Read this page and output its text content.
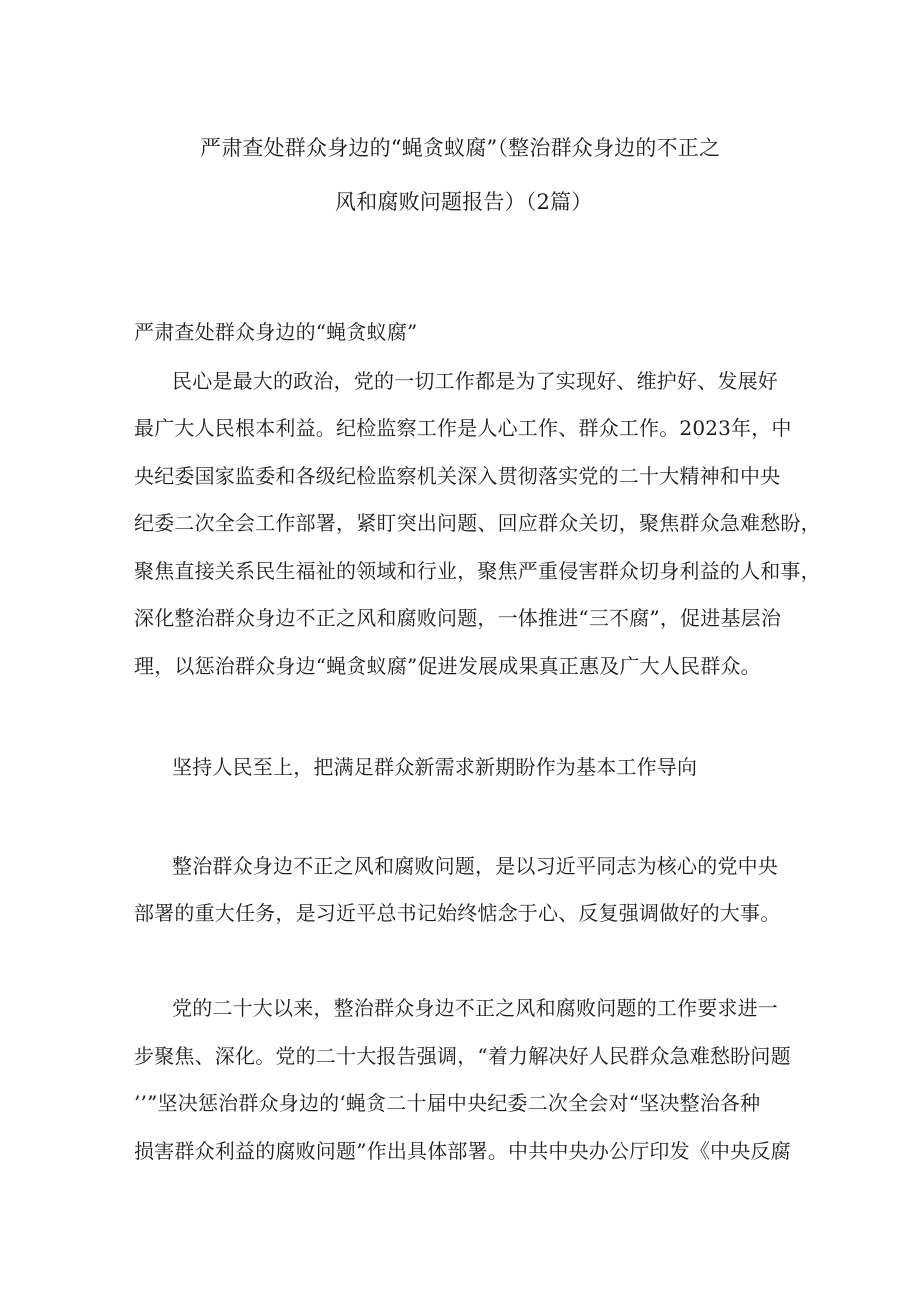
严肃查处群众身边的“蝇贪蚁腐”（整治群众身边的不正之
风和腐败问题报告）（2篇）
严肃查处群众身边的“蝇贪蚁腐”
民心是最大的政治，党的一切工作都是为了实现好、维护好、发展好
最广大人民根本利益。纪检监察工作是人心工作、群众工作。2023年，中
央纪委国家监委和各级纪检监察机关深入贯彻落实党的二十大精神和中央
纪委二次全会工作部署，紧盯突出问题、回应群众关切，聚焦群众急难愁盼，
聚焦直接关系民生福祉的领域和行业，聚焦严重侵害群众切身利益的人和事，
深化整治群众身边不正之风和腐败问题，一体推进“三不腐”，促进基层治
理，以惩治群众身边“蝇贪蚁腐”促进发展成果真正惠及广大人民群众。
坚持人民至上，把满足群众新需求新期盼作为基本工作导向
整治群众身边不正之风和腐败问题，是以习近平同志为核心的党中央
部署的重大任务，是习近平总书记始终惦念于心、反复强调做好的大事。
党的二十大以来，整治群众身边不正之风和腐败问题的工作要求进一
步聚焦、深化。党的二十大报告强调，“着力解决好人民群众急难愁盼问题
’’”坚决惩治群众身边的‘蝇贪二十届中央纪委二次全会对“坚决整治各种
损害群众利益的腐败问题”作出具体部署。中共中央办公厅印发《中央反腐
